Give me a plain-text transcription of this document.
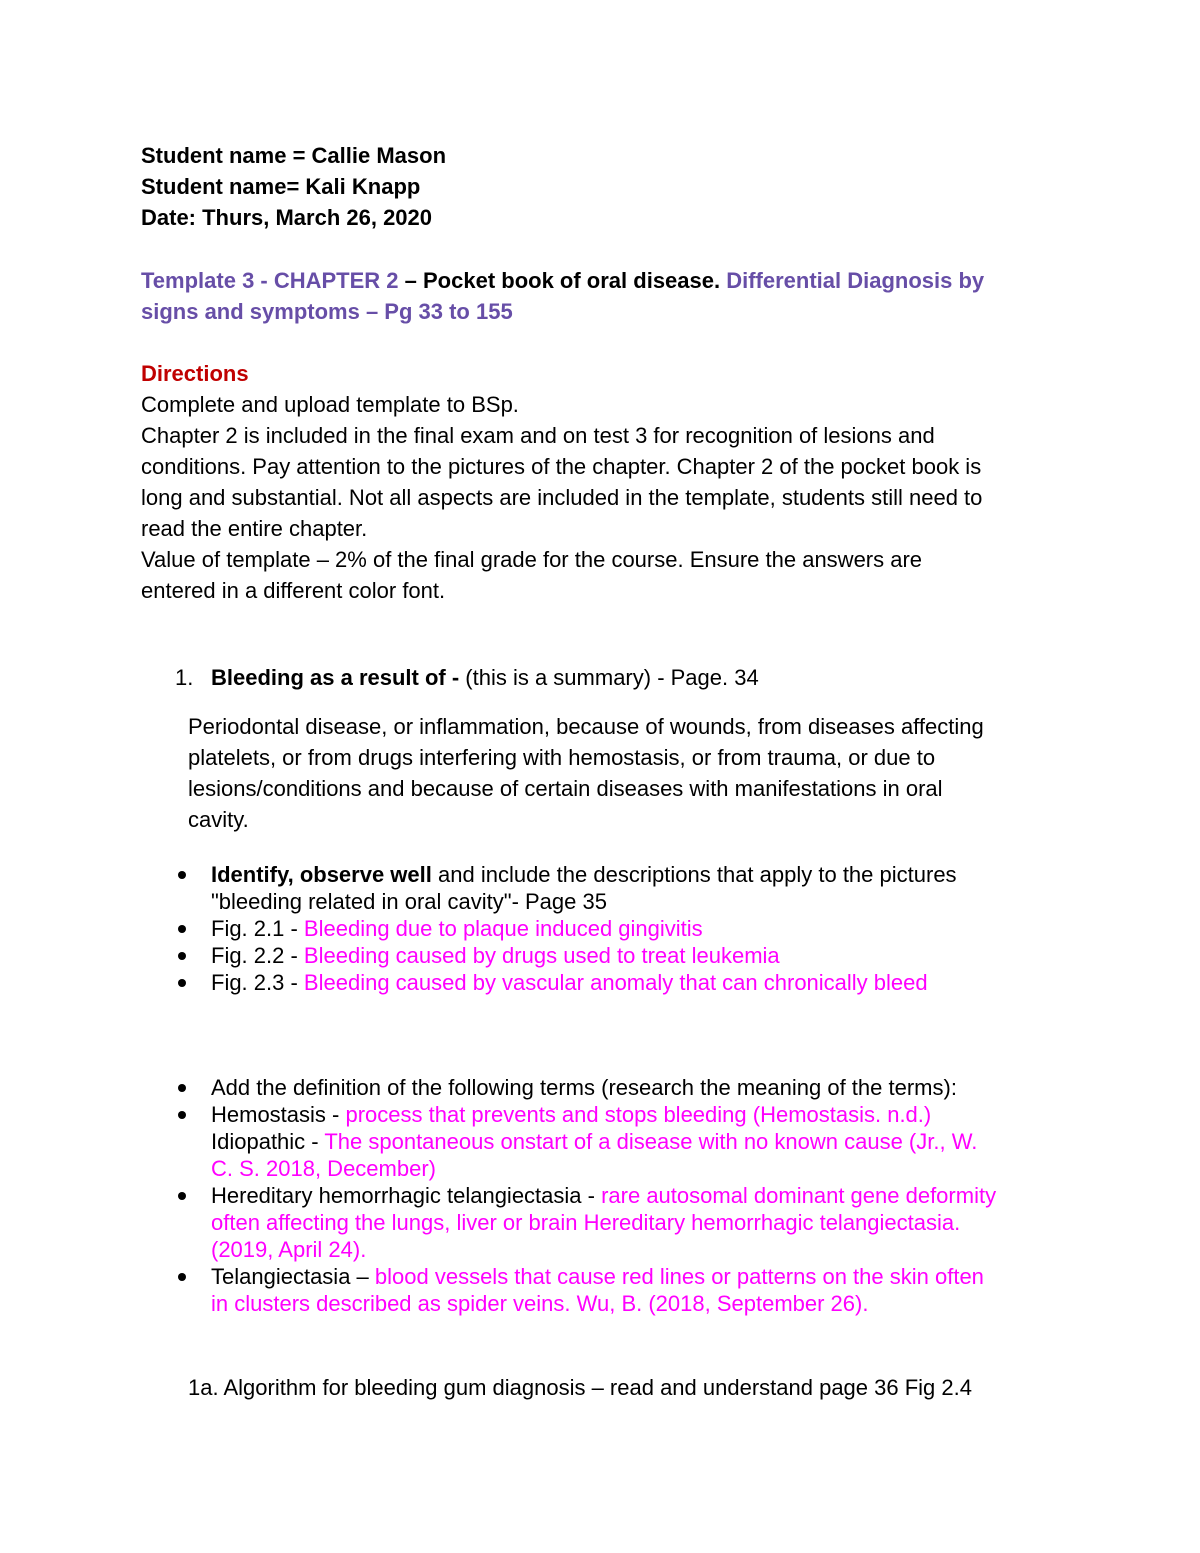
Student name = Callie Mason
Student name= Kali Knapp
Date: Thurs, March 26, 2020
Template 3 - CHAPTER 2 – Pocket book of oral disease. Differential Diagnosis by
signs and symptoms – Pg 33 to 155
Directions
Complete and upload template to BSp.
Chapter 2 is included in the final exam and on test 3 for recognition of lesions and
conditions. Pay attention to the pictures of the chapter. Chapter 2 of the pocket book is
long and substantial. Not all aspects are included in the template, students still need to
read the entire chapter.
Value of template – 2% of the final grade for the course. Ensure the answers are
entered in a different color font.
1. Bleeding as a result of - (this is a summary) - Page. 34
Periodontal disease, or inflammation, because of wounds, from diseases affecting
platelets, or from drugs interfering with hemostasis, or from trauma, or due to
lesions/conditions and because of certain diseases with manifestations in oral
cavity.
Identify, observe well and include the descriptions that apply to the pictures
"bleeding related in oral cavity"- Page 35
Fig. 2.1 - Bleeding due to plaque induced gingivitis
Fig. 2.2 - Bleeding caused by drugs used to treat leukemia
Fig. 2.3 - Bleeding caused by vascular anomaly that can chronically bleed
Add the definition of the following terms (research the meaning of the terms):
Hemostasis - process that prevents and stops bleeding (Hemostasis. n.d.)
Idiopathic - The spontaneous onstart of a disease with no known cause (Jr., W.
C. S. 2018, December)
Hereditary hemorrhagic telangiectasia - rare autosomal dominant gene deformity
often affecting the lungs, liver or brain Hereditary hemorrhagic telangiectasia.
(2019, April 24).
Telangiectasia – blood vessels that cause red lines or patterns on the skin often
in clusters described as spider veins. Wu, B. (2018, September 26).
1a. Algorithm for bleeding gum diagnosis – read and understand page 36 Fig 2.4
